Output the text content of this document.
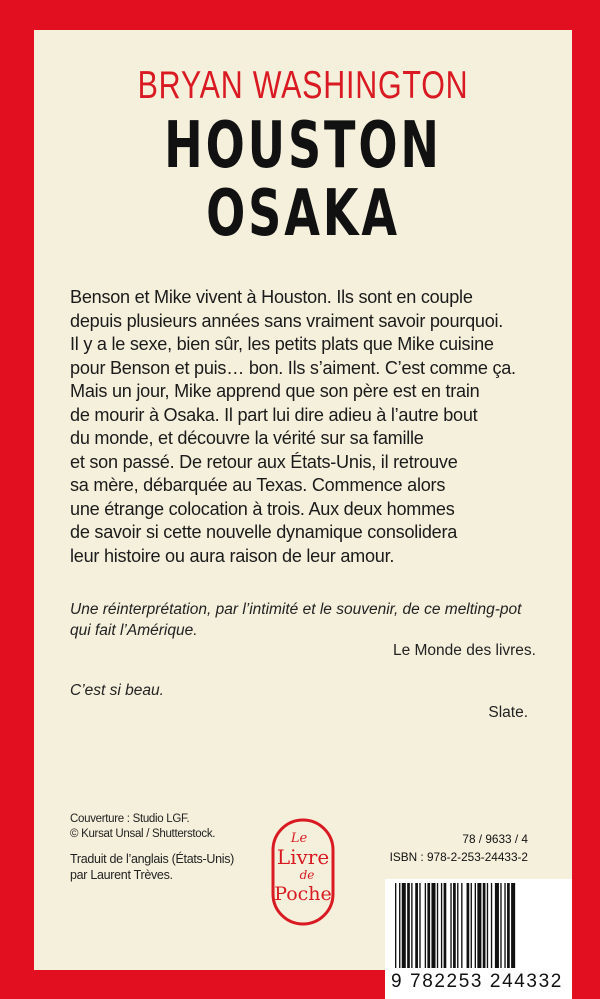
BRYAN WASHINGTON
HOUSTON
OSAKA
Benson et Mike vivent à Houston. Ils sont en couple
depuis plusieurs années sans vraiment savoir pourquoi.
Il y a le sexe, bien sûr, les petits plats que Mike cuisine
pour Benson et puis… bon. Ils s’aiment. C’est comme ça.
Mais un jour, Mike apprend que son père est en train
de mourir à Osaka. Il part lui dire adieu à l’autre bout
du monde, et découvre la vérité sur sa famille
et son passé. De retour aux États-Unis, il retrouve
sa mère, débarquée au Texas. Commence alors
une étrange colocation à trois. Aux deux hommes
de savoir si cette nouvelle dynamique consolidera
leur histoire ou aura raison de leur amour.
Une réinterprétation, par l’intimité et le souvenir, de ce melting-pot
qui fait l’Amérique.
Le Monde des livres.
C’est si beau.
Slate.
Couverture : Studio LGF.
© Kursat Unsal / Shutterstock.
Traduit de l’anglais (États-Unis)
par Laurent Trèves.
Le
Livre
de
Poche
78 / 9633 / 4
ISBN : 978-2-253-24433-2
9 782253 244332
